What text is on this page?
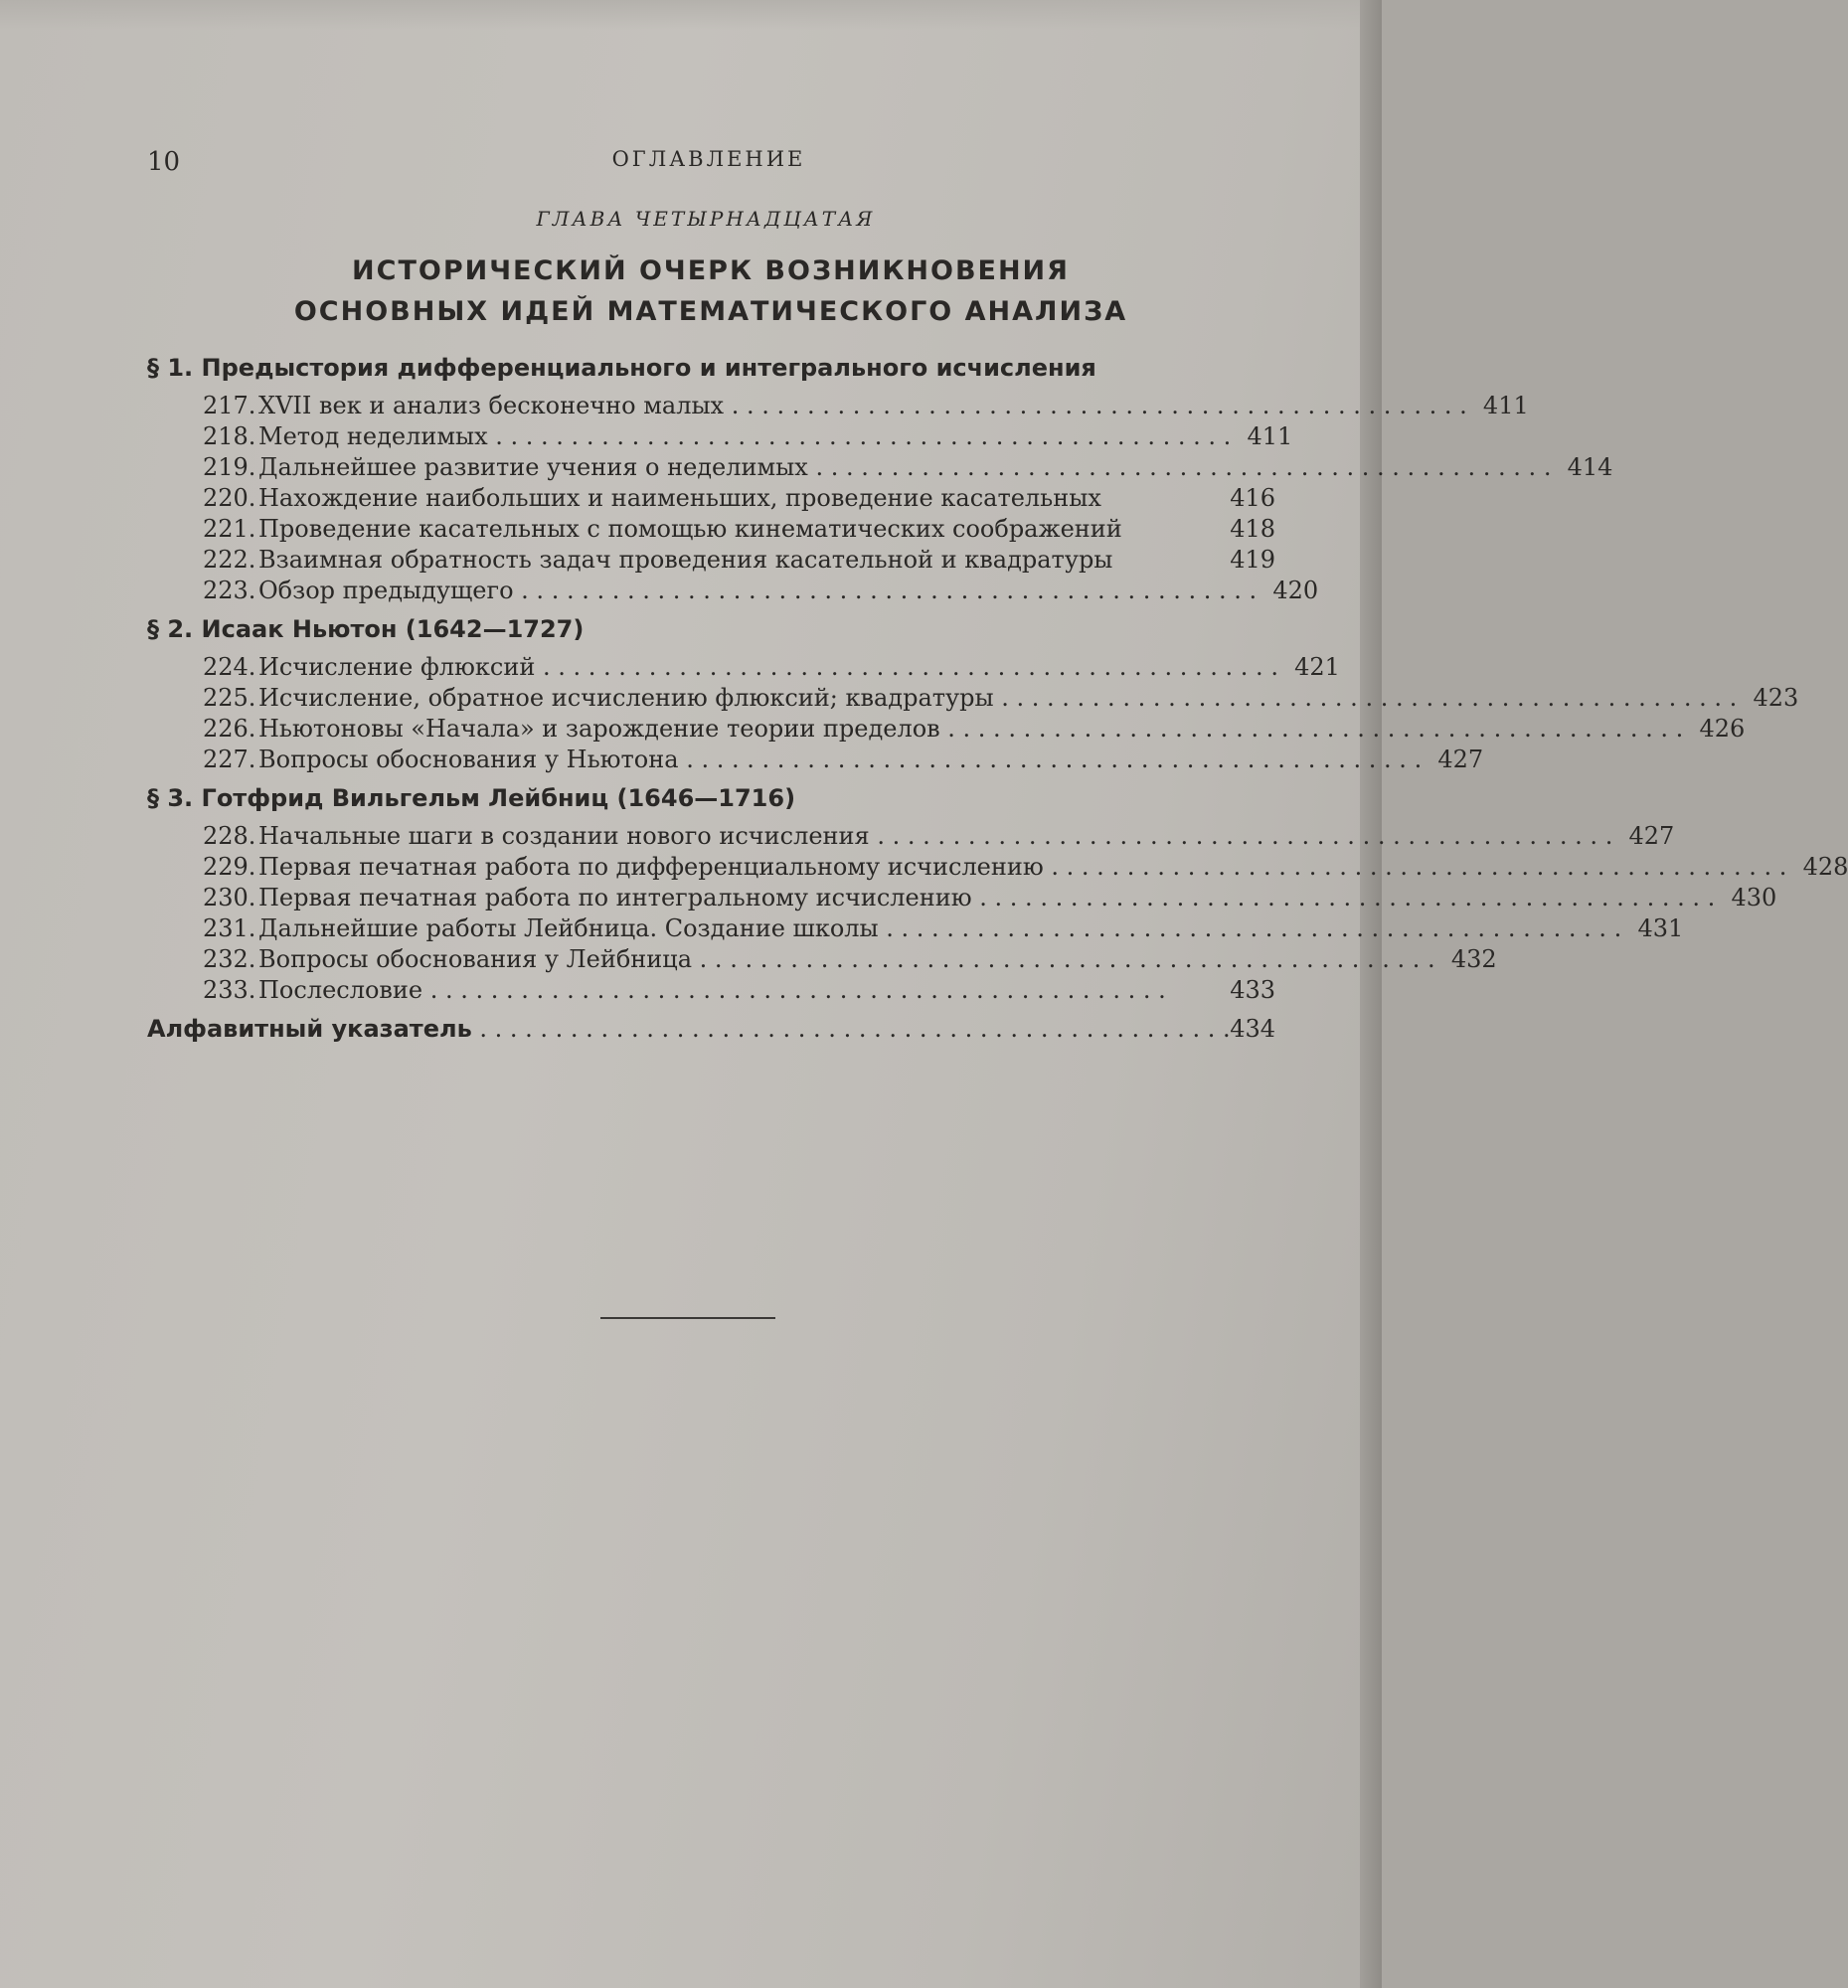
10	ОГЛАВЛЕНИЕ
ГЛАВА ЧЕТЫРНАДЦАТАЯ
ИСТОРИЧЕСКИЙ ОЧЕРК ВОЗНИКНОВЕНИЯ
ОСНОВНЫХ ИДЕЙ МАТЕМАТИЧЕСКОГО АНАЛИЗА
§ 1. Предыстория дифференциального и интегрального исчисления
217. XVII век и анализ бесконечно малых . . . . . . . . . . . . . . . . . . . . . . . . . . . . . . . . . . . . . . . . . . . . . . . . . 411
218. Метод неделимых . . . . . . . . . . . . . . . . . . . . . . . . . . . . . . . . . . . . . . . . . . . . . . . . . 411
219. Дальнейшее развитие учения о неделимых . . . . . . . . . . . . . . . . . . . . . . . . . . . . . . . . . . . . . . . . . . . . . . . . . 414
220. Нахождение наибольших и наименьших, проведение касательных	416
221. Проведение касательных с помощью кинематических соображений	418
222. Взаимная обратность задач проведения касательной и квадратуры	419
223. Обзор предыдущего . . . . . . . . . . . . . . . . . . . . . . . . . . . . . . . . . . . . . . . . . . . . . . . . . 420
§ 2. Исаак Ньютон (1642—1727)
224. Исчисление флюксий . . . . . . . . . . . . . . . . . . . . . . . . . . . . . . . . . . . . . . . . . . . . . . . . . 421
225. Исчисление, обратное исчислению флюксий; квадратуры . . . . . . . . . . . . . . . . . . . . . . . . . . . . . . . . . . . . . . . . . . . . . . . . . 423
226. Ньютоновы «Начала» и зарождение теории пределов . . . . . . . . . . . . . . . . . . . . . . . . . . . . . . . . . . . . . . . . . . . . . . . . . 426
227. Вопросы обоснования у Ньютона . . . . . . . . . . . . . . . . . . . . . . . . . . . . . . . . . . . . . . . . . . . . . . . . . 427
§ 3. Готфрид Вильгельм Лейбниц (1646—1716)
228. Начальные шаги в создании нового исчисления . . . . . . . . . . . . . . . . . . . . . . . . . . . . . . . . . . . . . . . . . . . . . . . . . 427
229. Первая печатная работа по дифференциальному исчислению . . . . . . . . . . . . . . . . . . . . . . . . . . . . . . . . . . . . . . . . . . . . . . . . . 428
230. Первая печатная работа по интегральному исчислению . . . . . . . . . . . . . . . . . . . . . . . . . . . . . . . . . . . . . . . . . . . . . . . . . 430
231. Дальнейшие работы Лейбница. Создание школы . . . . . . . . . . . . . . . . . . . . . . . . . . . . . . . . . . . . . . . . . . . . . . . . . 431
232. Вопросы обоснования у Лейбница . . . . . . . . . . . . . . . . . . . . . . . . . . . . . . . . . . . . . . . . . . . . . . . . . 432
233. Послесловие . . . . . . . . . . . . . . . . . . . . . . . . . . . . . . . . . . . . . . . . . . . . . . . . .	433
Алфавитный указатель . . . . . . . . . . . . . . . . . . . . . . . . . . . . . . . . . . . . . . . . . . . . . . . . . . 434
